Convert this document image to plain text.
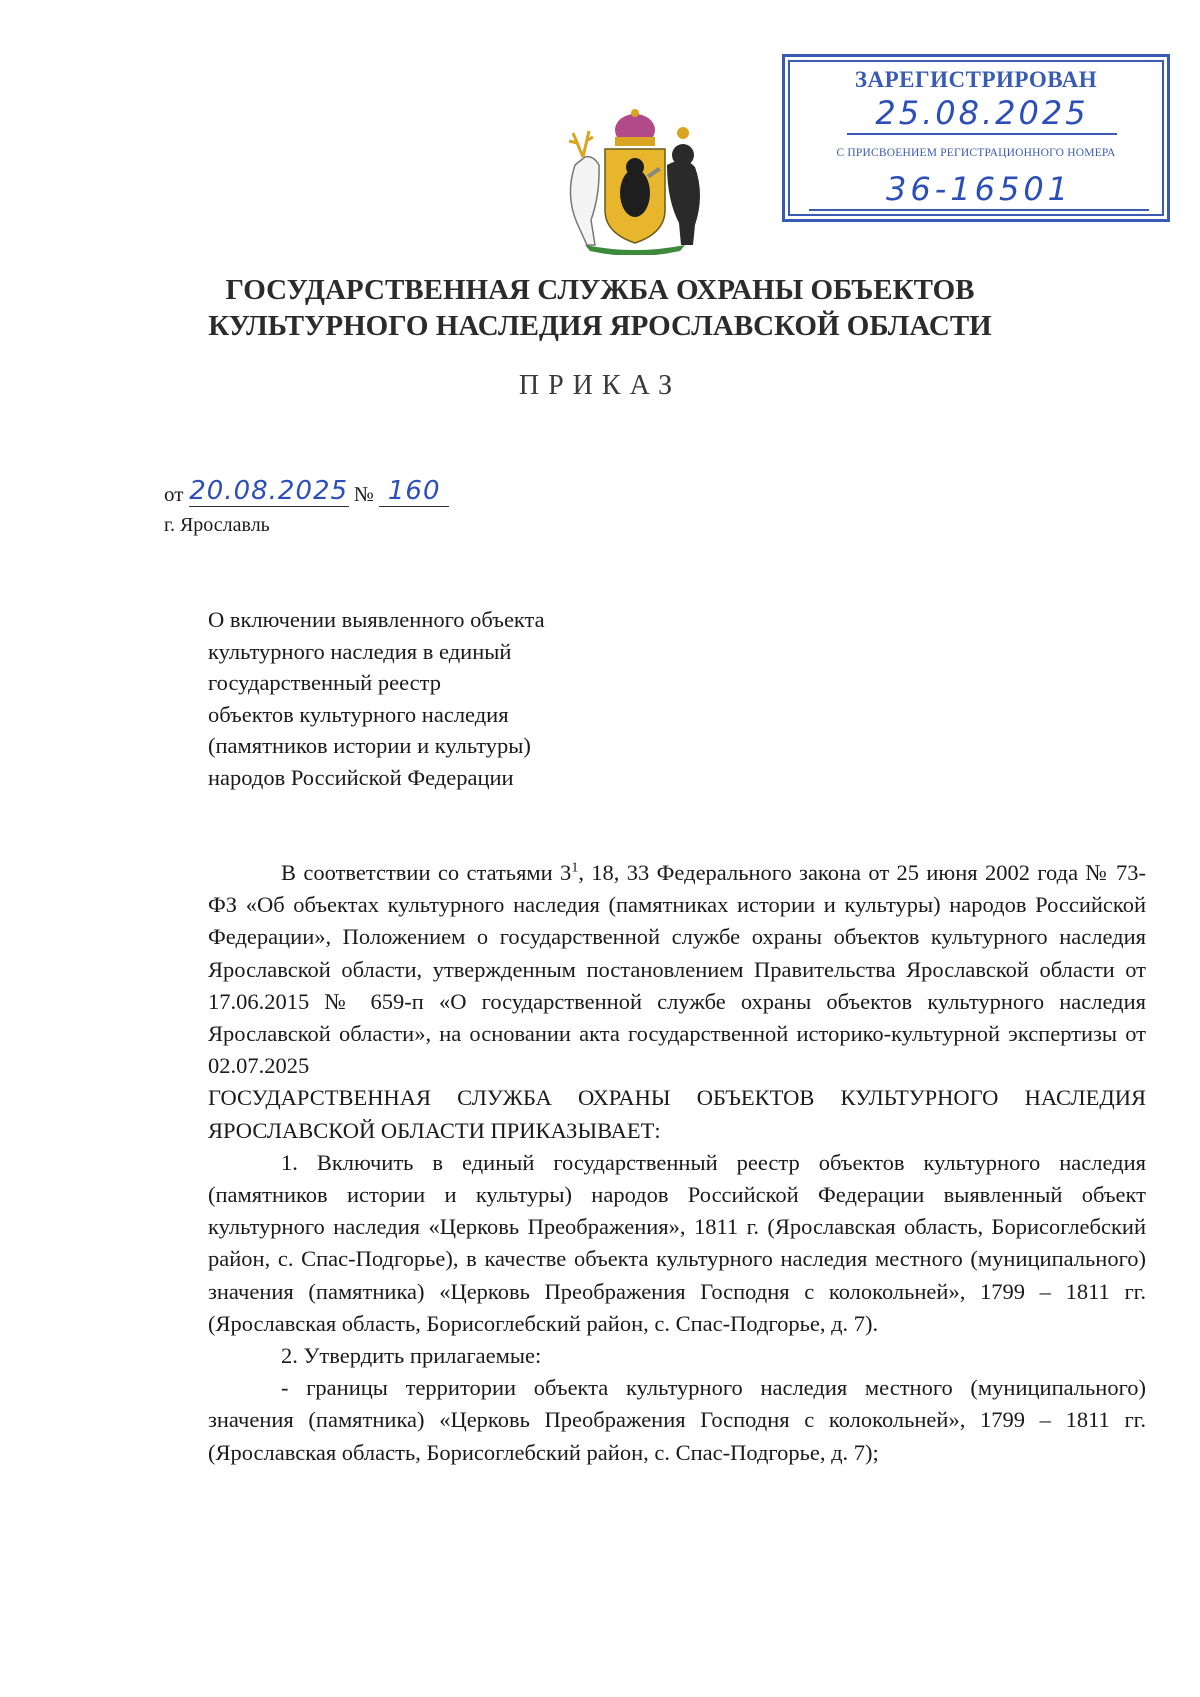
ЗАРЕГИСТРИРОВАН
25.08.2025
С ПРИСВОЕНИЕМ РЕГИСТРАЦИОННОГО НОМЕРА
36-16501
ГОСУДАРСТВЕННАЯ СЛУЖБА ОХРАНЫ ОБЪЕКТОВ
КУЛЬТУРНОГО НАСЛЕДИЯ ЯРОСЛАВСКОЙ ОБЛАСТИ
ПРИКАЗ
от 20.08.2025 № 160
г. Ярославль
О включении выявленного объекта
культурного наследия в единый
государственный реестр
объектов культурного наследия
(памятников истории и культуры)
народов Российской Федерации

В соответствии со статьями $3^1$, 18, 33 Федерального закона от 25 июня 2002 года № 73-ФЗ «Об объектах культурного наследия (памятниках истории и культуры) народов Российской Федерации», Положением о государственной службе охраны объектов культурного наследия Ярославской области, утвержденным постановлением Правительства Ярославской области от 17.06.2015 № 659-п «О государственной службе охраны объектов культурного наследия Ярославской области», на основании акта государственной историко-культурной экспертизы от 02.07.2025

ГОСУДАРСТВЕННАЯ СЛУЖБА ОХРАНЫ ОБЪЕКТОВ КУЛЬТУРНОГО НАСЛЕДИЯ ЯРОСЛАВСКОЙ ОБЛАСТИ ПРИКАЗЫВАЕТ:

1. Включить в единый государственный реестр объектов культурного наследия (памятников истории и культуры) народов Российской Федерации выявленный объект культурного наследия «Церковь Преображения», 1811 г. (Ярославская область, Борисоглебский район, с. Спас-Подгорье), в качестве объекта культурного наследия местного (муниципального) значения (памятника) «Церковь Преображения Господня с колокольней», 1799 – 1811 гг. (Ярославская область, Борисоглебский район, с. Спас-Подгорье, д. 7).

2. Утвердить прилагаемые:

- границы территории объекта культурного наследия местного (муниципального) значения (памятника) «Церковь Преображения Господня с колокольней», 1799 – 1811 гг. (Ярославская область, Борисоглебский район, с. Спас-Подгорье, д. 7);
